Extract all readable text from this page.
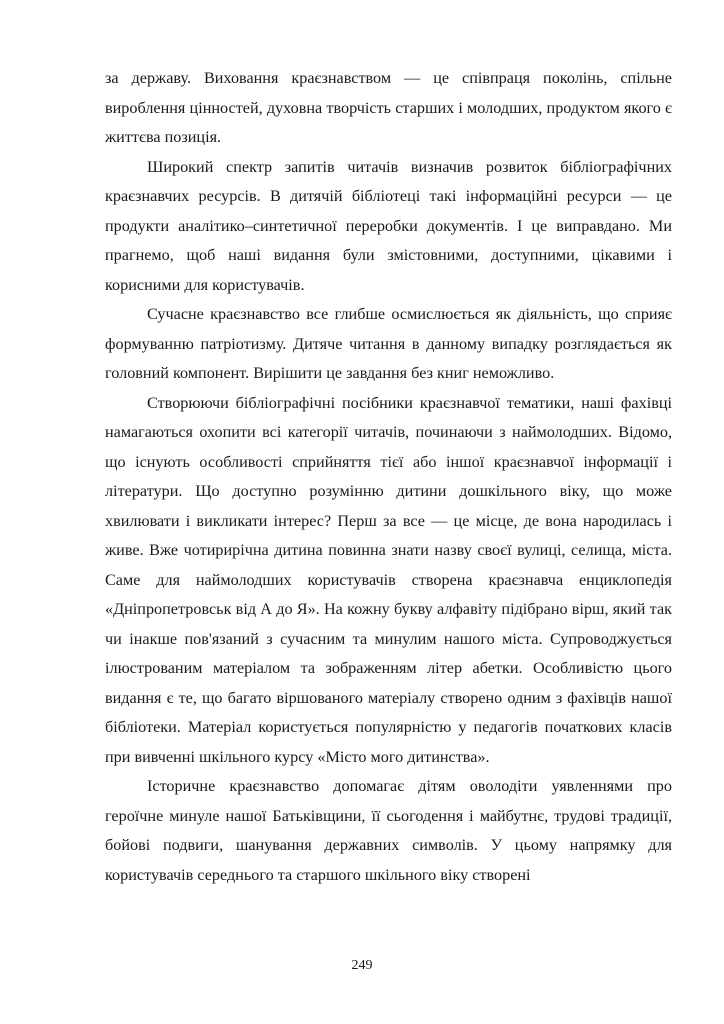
за державу. Виховання краєзнавством — це співпраця поколінь, спільне вироблення цінностей, духовна творчість старших і молодших, продуктом якого є життєва позиція.

Широкий спектр запитів читачів визначив розвиток бібліографічних краєзнавчих ресурсів. В дитячій бібліотеці такі інформаційні ресурси — це продукти аналітико–синтетичної переробки документів. І це виправдано. Ми прагнемо, щоб наші видання були змістовними, доступними, цікавими і корисними для користувачів.

Сучасне краєзнавство все глибше осмислюється як діяльність, що сприяє формуванню патріотизму. Дитяче читання в данному випадку розглядається як головний компонент. Вирішити це завдання без книг неможливо.

Створюючи бібліографічні посібники краєзнавчої тематики, наші фахівці намагаються охопити всі категорії читачів, починаючи з наймолодших. Відомо, що існують особливості сприйняття тієї або іншої краєзнавчої інформації і літератури. Що доступно розумінню дитини дошкільного віку, що може хвилювати і викликати інтерес? Перш за все — це місце, де вона народилась і живе. Вже чотирирічна дитина повинна знати назву своєї вулиці, селища, міста. Саме для наймолодших користувачів створена краєзнавча енциклопедія «Дніпропетровськ від А до Я». На кожну букву алфавіту підібрано вірш, який так чи інакше пов'язаний з сучасним та минулим нашого міста. Супроводжується ілюстрованим матеріалом та зображенням літер абетки. Особливістю цього видання є те, що багато віршованого матеріалу створено одним з фахівців нашої бібліотеки. Матеріал користується популярністю у педагогів початкових класів при вивченні шкільного курсу «Місто мого дитинства».

Історичне краєзнавство допомагає дітям оволодіти уявленнями про героїчне минуле нашої Батьківщини, її сьогодення і майбутнє, трудові традиції, бойові подвиги, шанування державних символів. У цьому напрямку для користувачів середнього та старшого шкільного віку створені

249
